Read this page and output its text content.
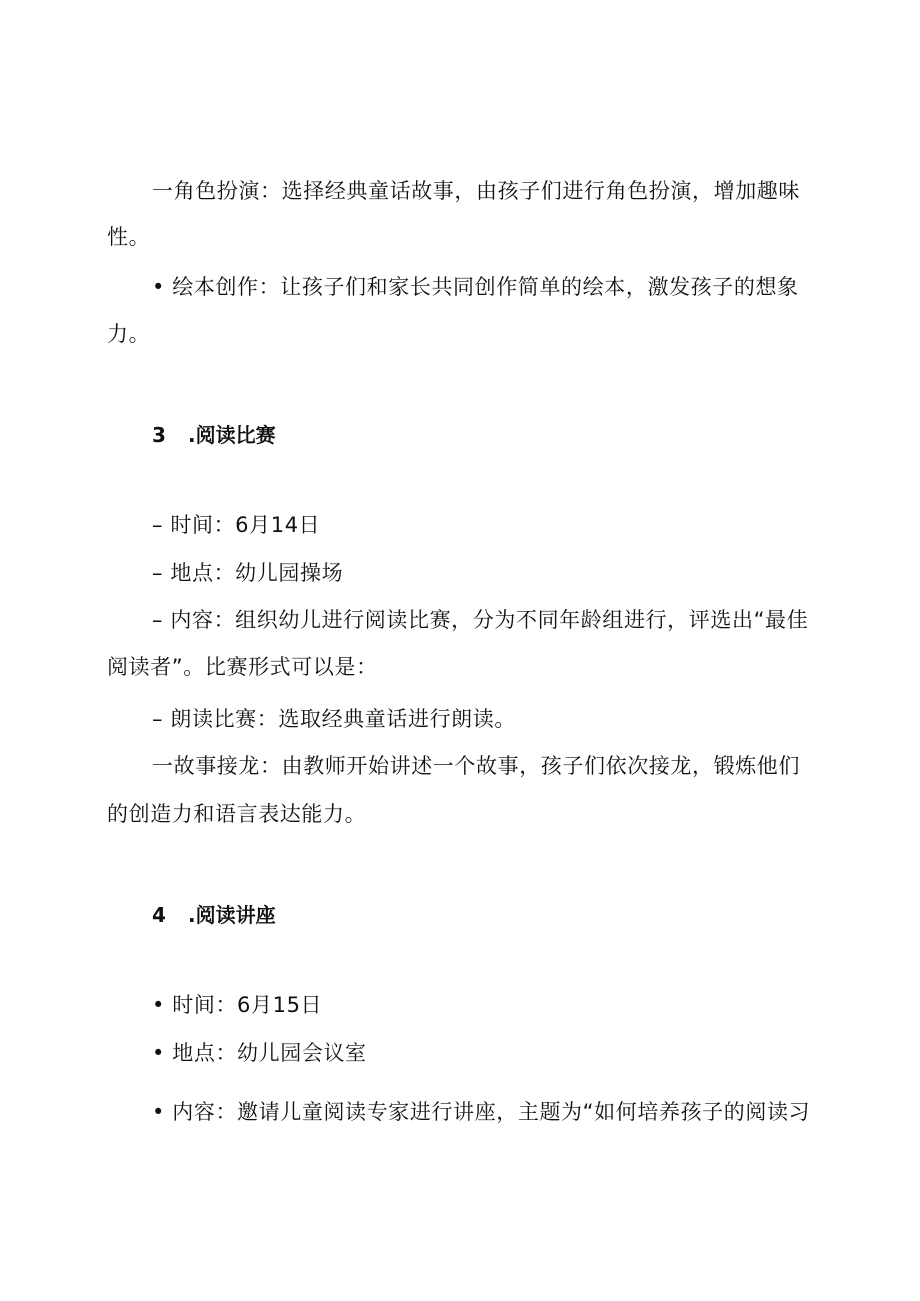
一角色扮演：选择经典童话故事，由孩子们进行角色扮演，增加趣味
性。
• 绘本创作：让孩子们和家长共同创作简单的绘本，激发孩子的想象
力。
3 .阅读比赛
– 时间：6月14日
– 地点：幼儿园操场
– 内容：组织幼儿进行阅读比赛，分为不同年龄组进行，评选出“最佳
阅读者”。比赛形式可以是：
– 朗读比赛：选取经典童话进行朗读。
一故事接龙：由教师开始讲述一个故事，孩子们依次接龙，锻炼他们
的创造力和语言表达能力。
4 .阅读讲座
• 时间：6月15日
• 地点：幼儿园会议室
• 内容：邀请儿童阅读专家进行讲座，主题为“如何培养孩子的阅读习
